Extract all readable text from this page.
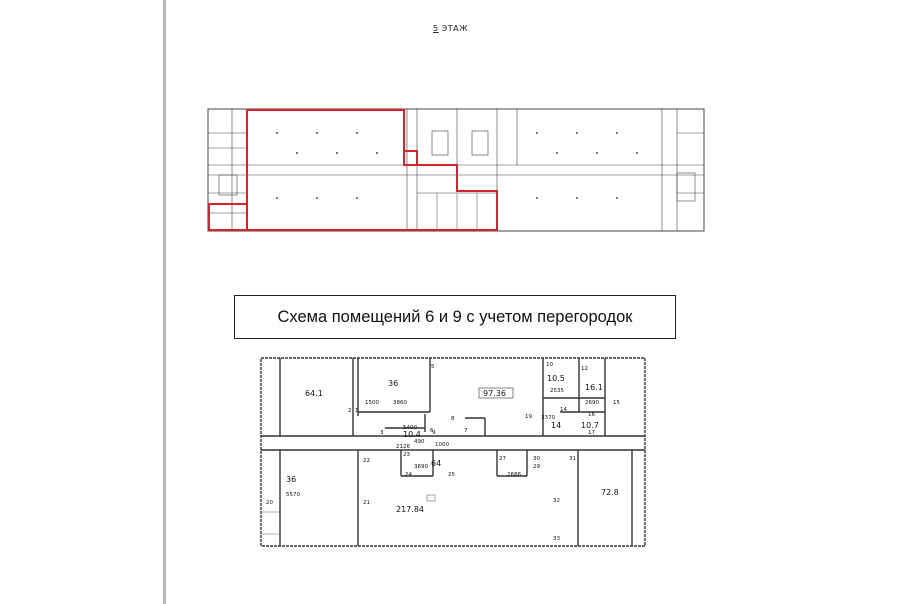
5 ЭТАЖ
Схема помещений 6 и 9 с учетом перегородок
64.1
36
97.36
10.5
16.1
10.4
10.7
14
36
64
217.84
72.8
1500	3860
5400
490 1000
2126
2535
3370
2690
5570
2686
3690
1
2
3
5
6	7
8
9
10
12
14
15
16
17
19
20	21
22
23
24	25
27
29
30	31
32
33
